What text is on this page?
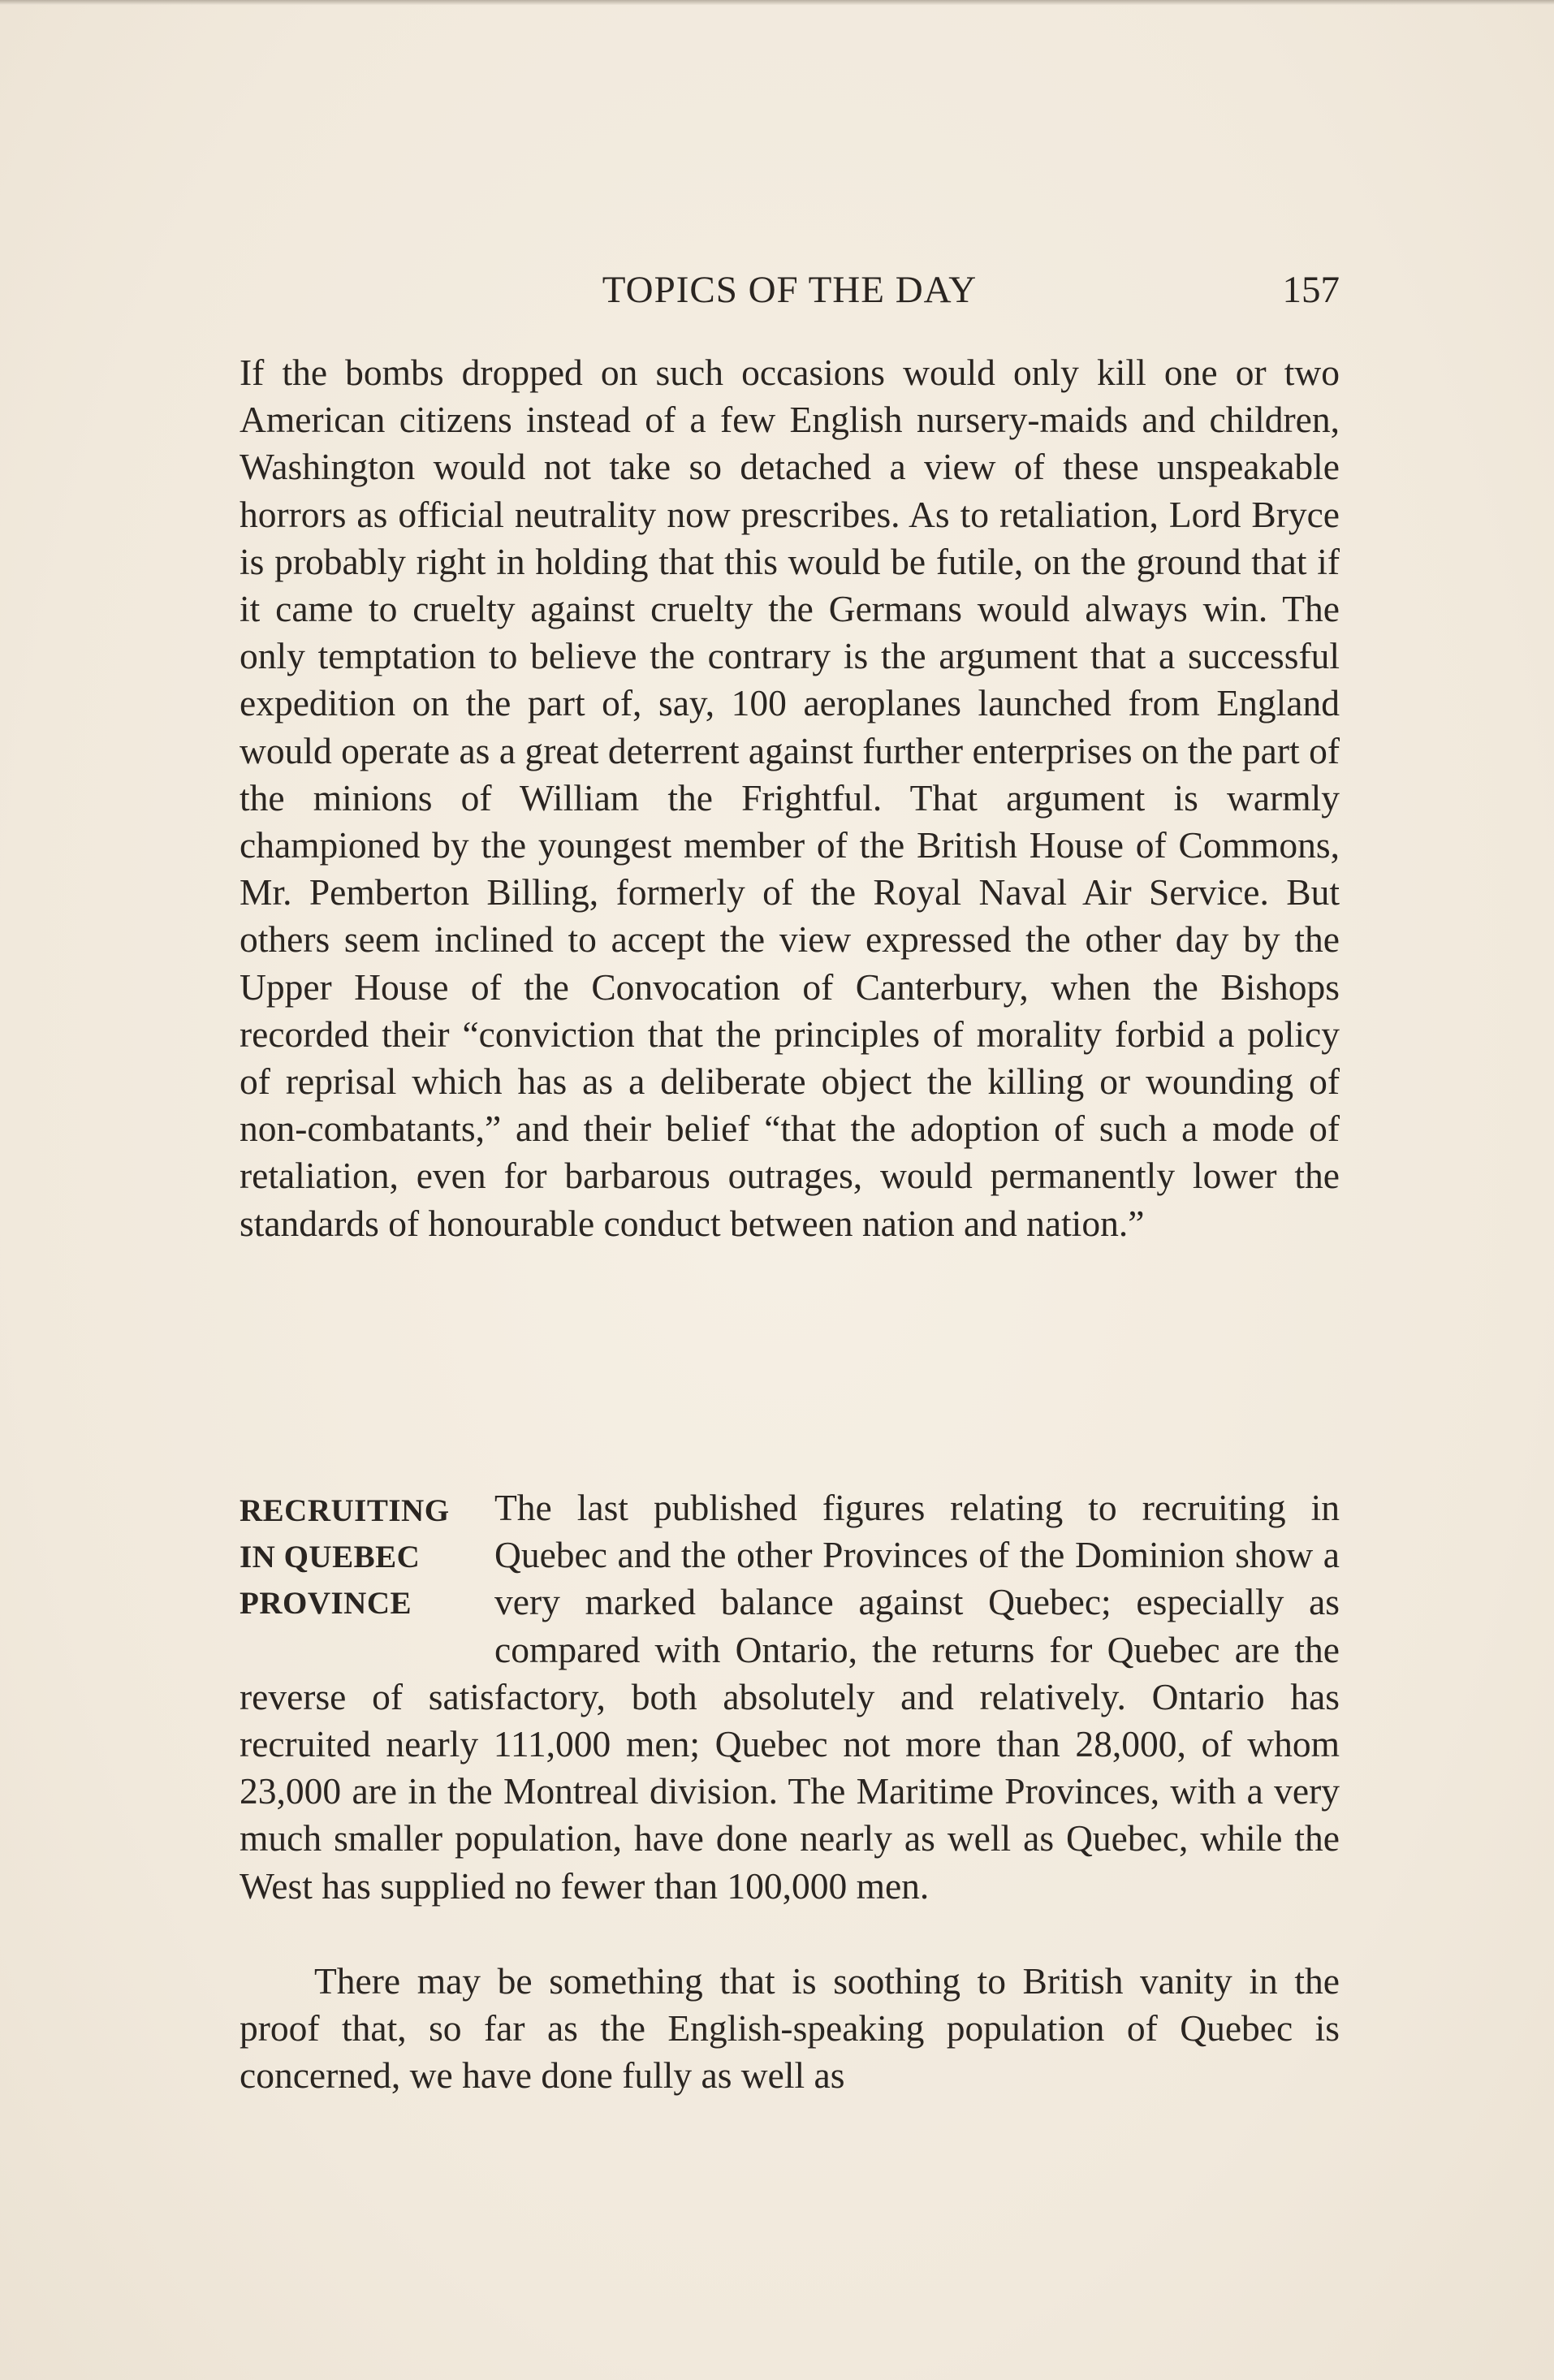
TOPICS OF THE DAY	157

If the bombs dropped on such occasions would only kill one or two American citizens instead of a few English nursery-maids and children, Washington would not take so detached a view of these unspeakable horrors as official neutrality now prescribes. As to retaliation, Lord Bryce is probably right in holding that this would be futile, on the ground that if it came to cruelty against cruelty the Germans would always win. The only temptation to believe the contrary is the argument that a successful expedition on the part of, say, 100 aeroplanes launched from England would operate as a great deterrent against further enterprises on the part of the minions of William the Frightful. That argument is warmly championed by the youngest member of the British House of Commons, Mr. Pemberton Billing, formerly of the Royal Naval Air Service. But others seem inclined to accept the view expressed the other day by the Upper House of the Convocation of Canterbury, when the Bishops recorded their “conviction that the principles of morality forbid a policy of reprisal which has as a deliberate object the killing or wounding of non-combatants,” and their belief “that the adoption of such a mode of retaliation, even for barbarous outrages, would permanently lower the standards of honourable conduct between nation and nation.”

RECRUITING
IN QUEBEC
PROVINCE

The last published figures relating to recruiting in Quebec and the other Provinces of the Dominion show a very marked balance against Quebec; especially as compared with Ontario, the returns for Quebec are the reverse of satisfactory, both absolutely and relatively. Ontario has recruited nearly 111,000 men; Quebec not more than 28,000, of whom 23,000 are in the Montreal division. The Maritime Provinces, with a very much smaller population, have done nearly as well as Quebec, while the West has supplied no fewer than 100,000 men.

There may be something that is soothing to British vanity in the proof that, so far as the English-speaking population of Quebec is concerned, we have done fully as well as
